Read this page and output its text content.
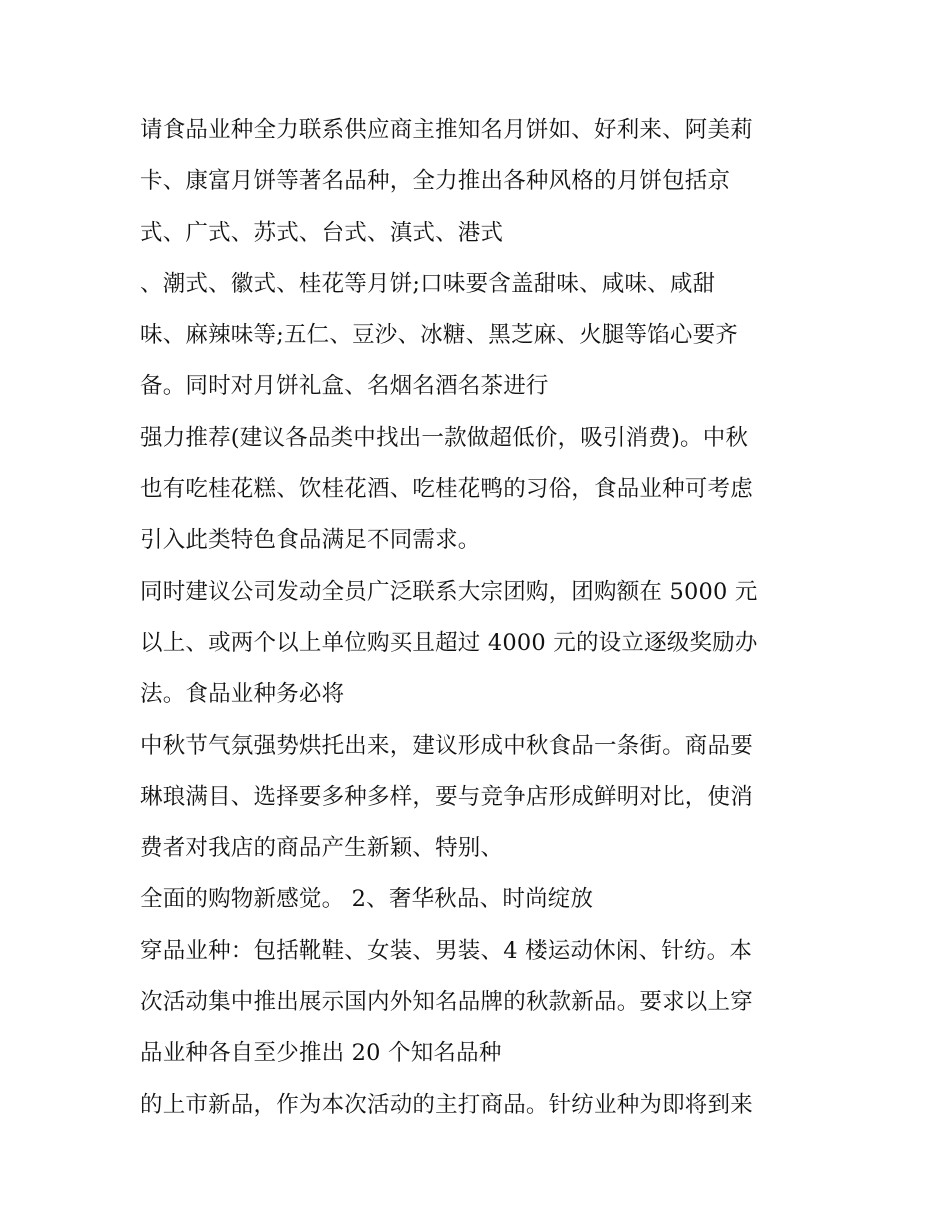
请食品业种全力联系供应商主推知名月饼如、好利来、阿美莉
卡、康富月饼等著名品种，全力推出各种风格的月饼包括京
式、广式、苏式、台式、滇式、港式
、潮式、徽式、桂花等月饼;口味要含盖甜味、咸味、咸甜
味、麻辣味等;五仁、豆沙、冰糖、黑芝麻、火腿等馅心要齐
备。同时对月饼礼盒、名烟名酒名茶进行
强力推荐(建议各品类中找出一款做超低价，吸引消费)。中秋
也有吃桂花糕、饮桂花酒、吃桂花鸭的习俗，食品业种可考虑
引入此类特色食品满足不同需求。
同时建议公司发动全员广泛联系大宗团购，团购额在 5000 元
以上、或两个以上单位购买且超过 4000 元的设立逐级奖励办
法。食品业种务必将
中秋节气氛强势烘托出来，建议形成中秋食品一条街。商品要
琳琅满目、选择要多种多样，要与竞争店形成鲜明对比，使消
费者对我店的商品产生新颖、特别、
全面的购物新感觉。 2、奢华秋品、时尚绽放
穿品业种：包括靴鞋、女装、男装、4 楼运动休闲、针纺。本
次活动集中推出展示国内外知名品牌的秋款新品。要求以上穿
品业种各自至少推出 20 个知名品种
的上市新品，作为本次活动的主打商品。针纺业种为即将到来
